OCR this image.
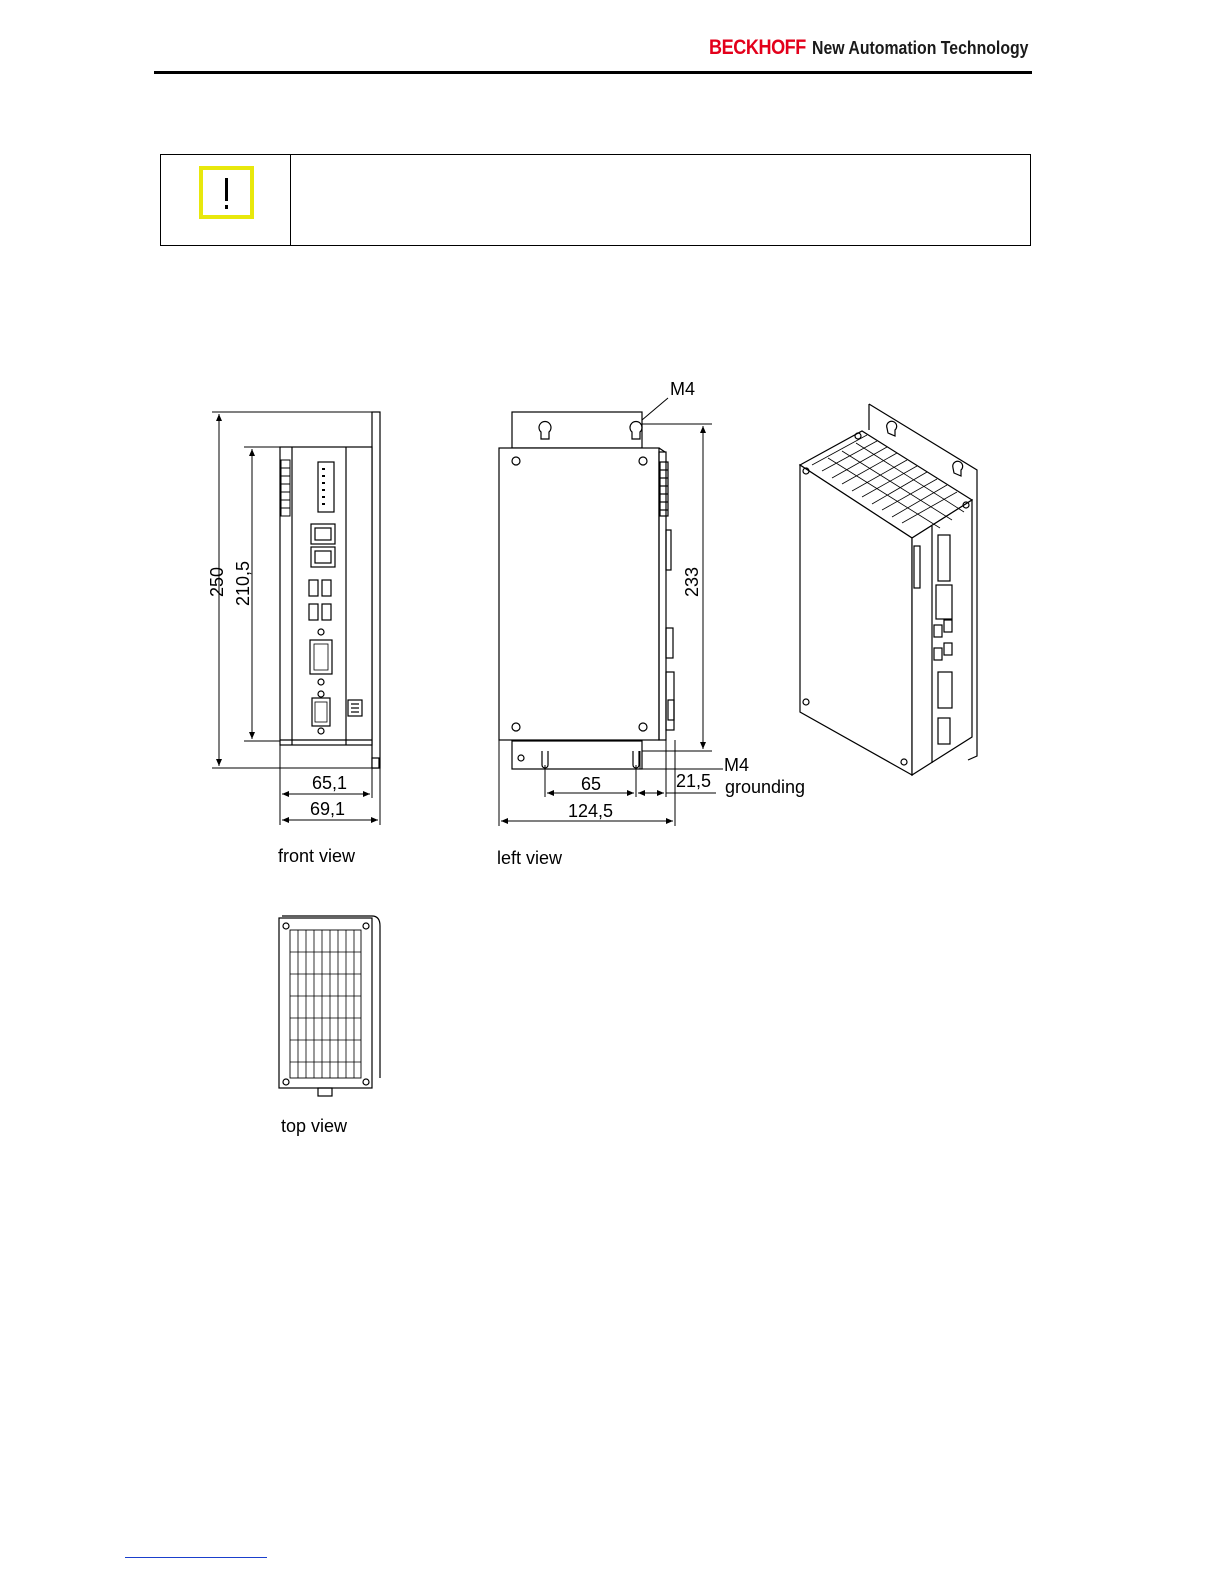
BECKHOFF New Automation Technology
250 210,5
65,1
69,1
front view
M4
233
65	21,5
M4
grounding
124,5
left view
top view
